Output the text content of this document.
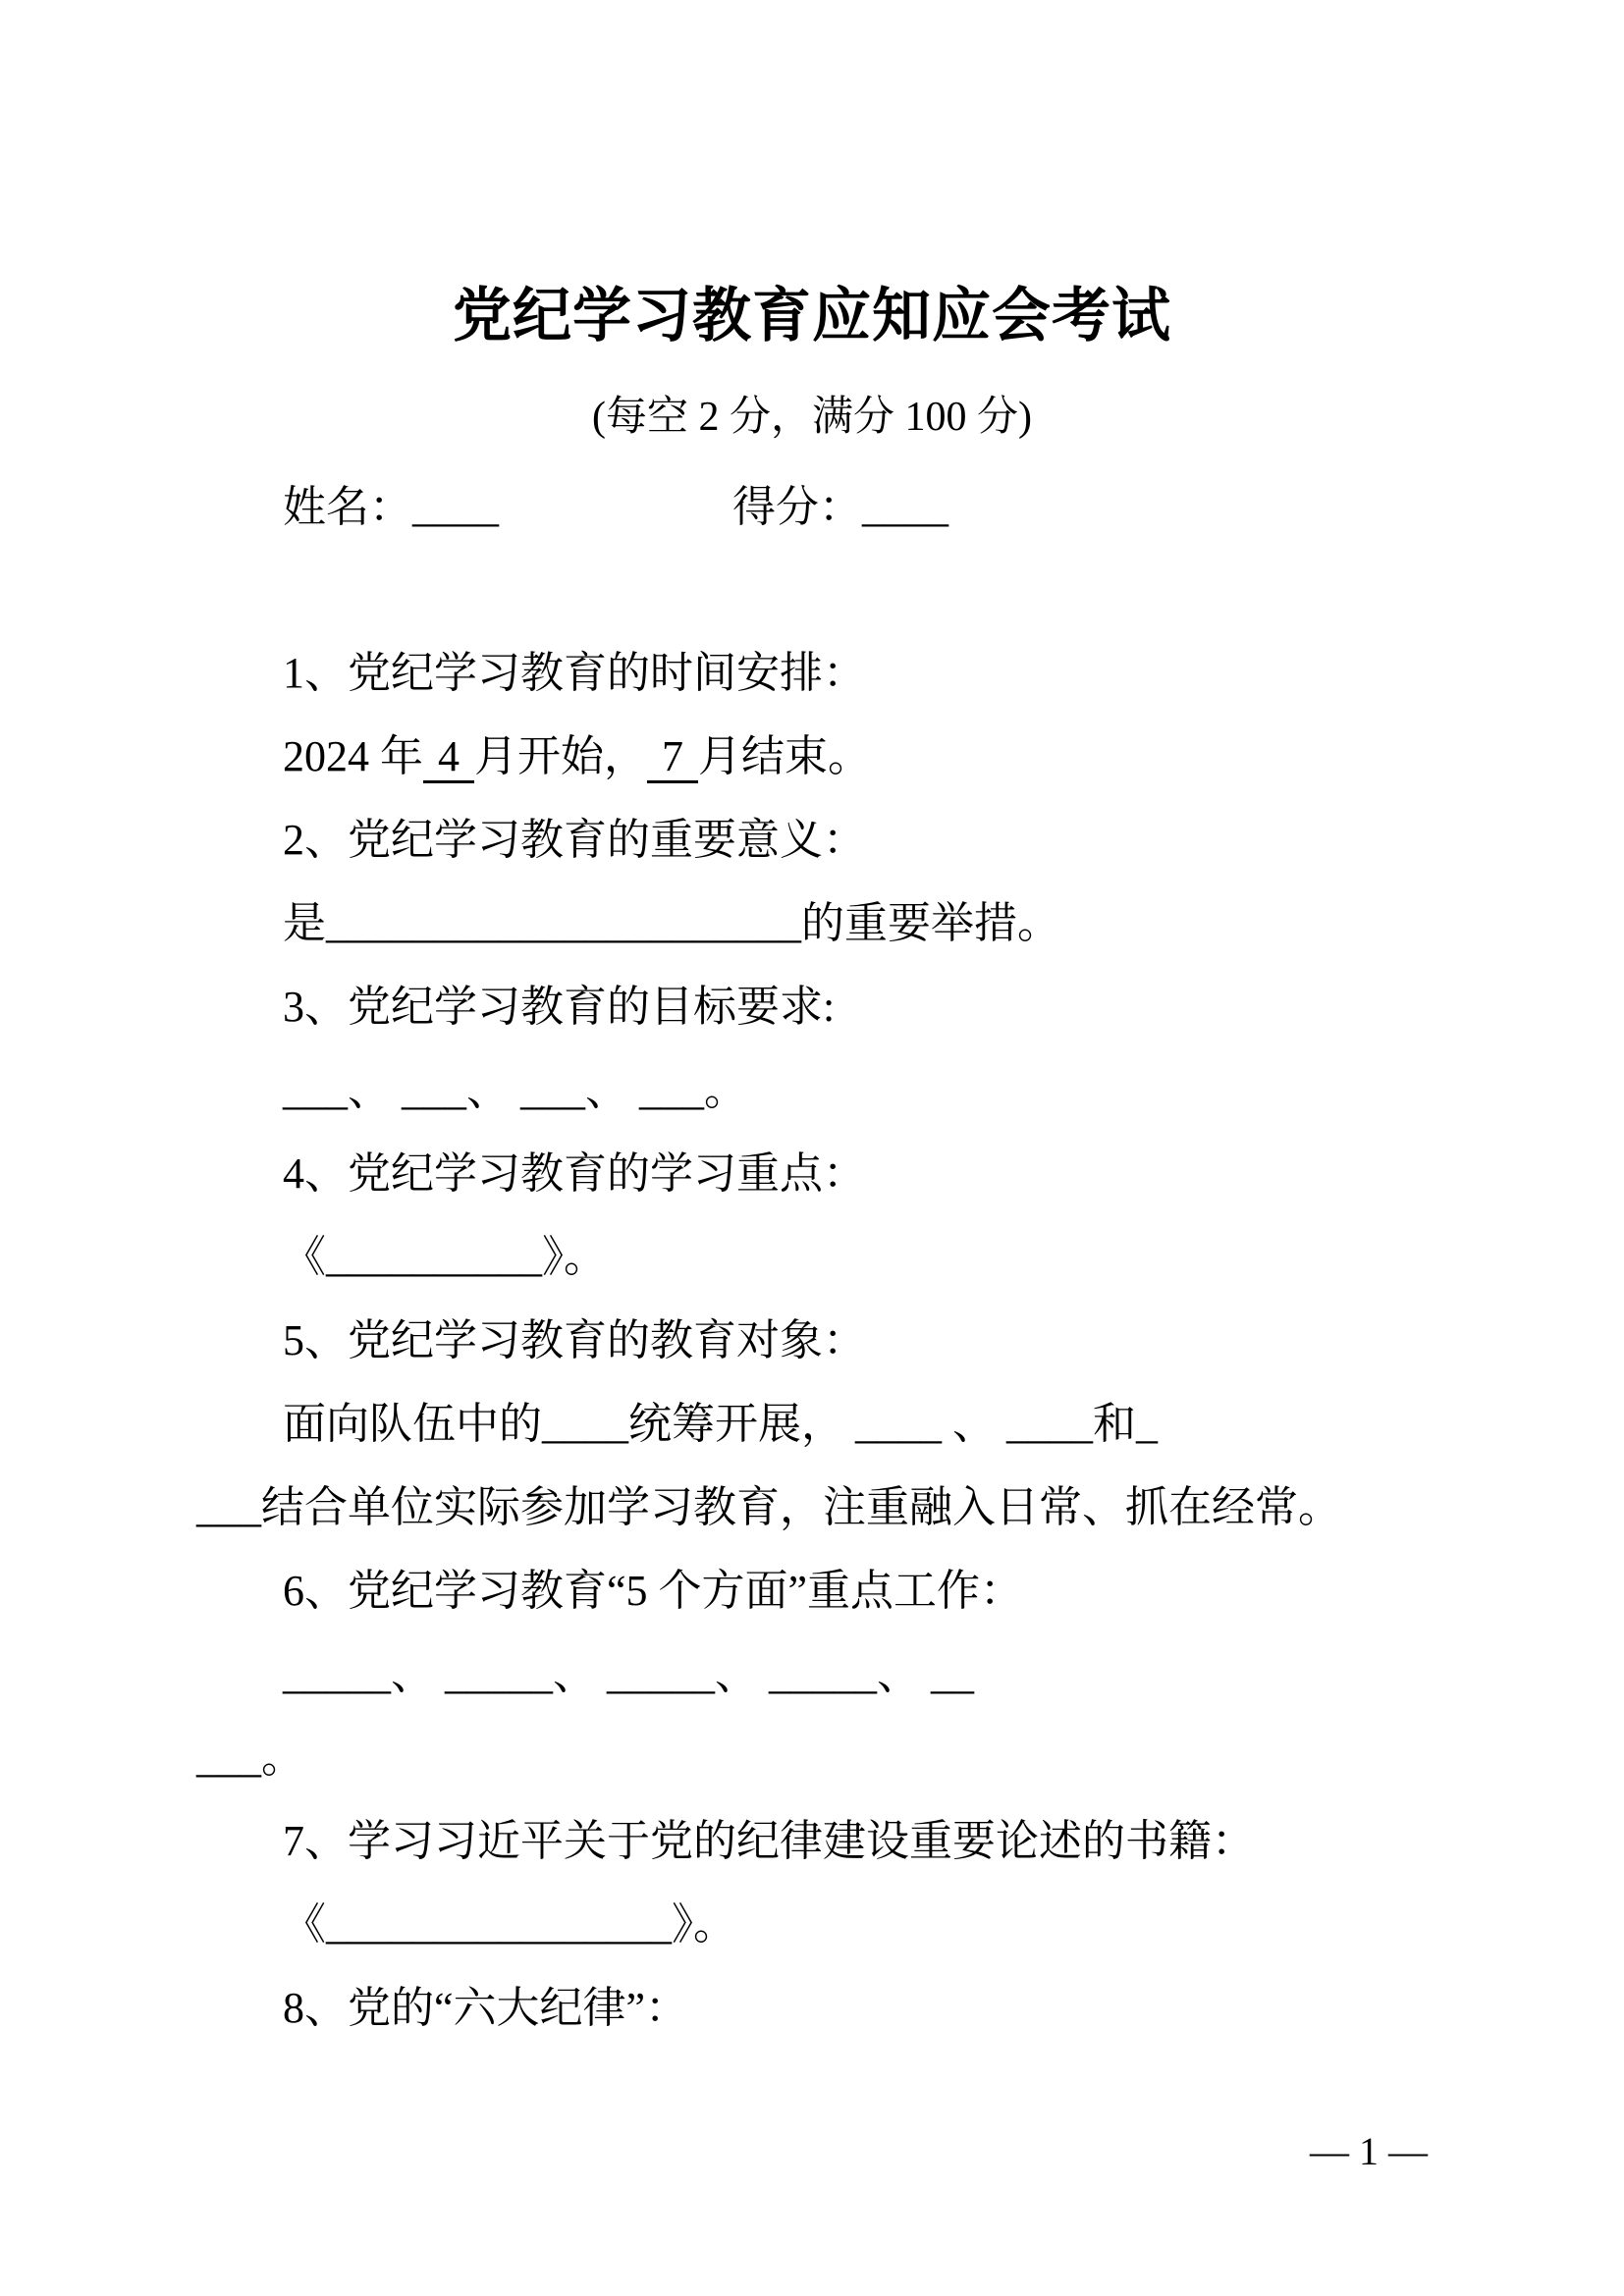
党纪学习教育应知应会考试
(每空 2 分，满分 100 分)
姓名：____	得分：____
1、党纪学习教育的时间安排：
2024 年 4 月开始， 7 月结束。
2、党纪学习教育的重要意义：
是______________________的重要举措。
3、党纪学习教育的目标要求:
___、 ___、 ___、 ___。
4、党纪学习教育的学习重点：
《__________》。
5、党纪学习教育的教育对象：
面向队伍中的____统筹开展， ____ 、 ____和_
___结合单位实际参加学习教育，注重融入日常、抓在经常。
6、党纪学习教育“5 个方面”重点工作：
_____、 _____、 _____、 _____、 __
___。
7、学习习近平关于党的纪律建设重要论述的书籍：
《________________》。
8、党的“六大纪律”：
— 1 —
